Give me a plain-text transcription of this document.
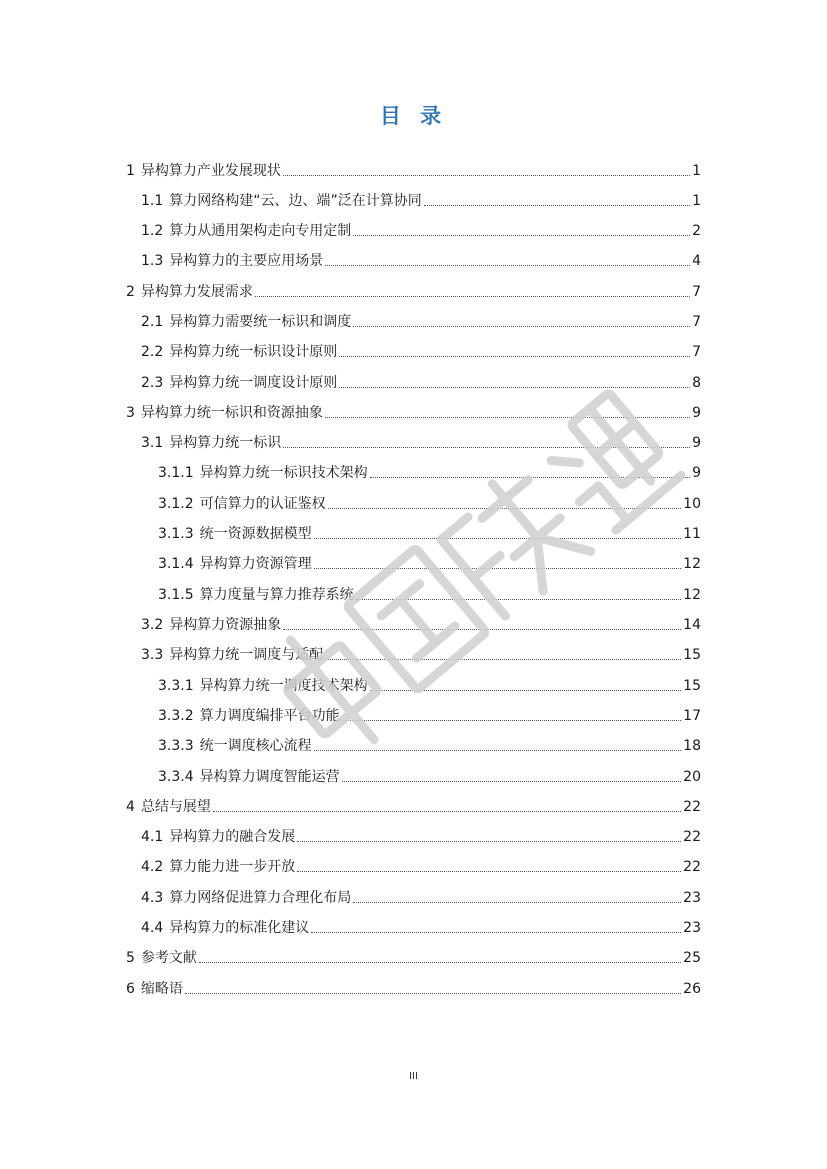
目 录
1 异构算力产业发展现状	1
1.1 算力网络构建“云、边、端”泛在计算协同	1
1.2 算力从通用架构走向专用定制	2
1.3 异构算力的主要应用场景	4
2 异构算力发展需求	7
2.1 异构算力需要统一标识和调度	7
2.2 异构算力统一标识设计原则	7
2.3 异构算力统一调度设计原则	8
3 异构算力统一标识和资源抽象	9
3.1 异构算力统一标识	9
3.1.1 异构算力统一标识技术架构	9
3.1.2 可信算力的认证鉴权	10
3.1.3 统一资源数据模型	11
3.1.4 异构算力资源管理	12
3.1.5 算力度量与算力推荐系统	12
3.2 异构算力资源抽象	14
3.3 异构算力统一调度与适配	15
3.3.1 异构算力统一调度技术架构	15
3.3.2 算力调度编排平台功能	17
3.3.3 统一调度核心流程	18
3.3.4 异构算力调度智能运营	20
4 总结与展望	22
4.1 异构算力的融合发展	22
4.2 算力能力进一步开放	22
4.3 算力网络促进算力合理化布局	23
4.4 异构算力的标准化建议	23
5 参考文献	25
6 缩略语	26
中国联通
III
